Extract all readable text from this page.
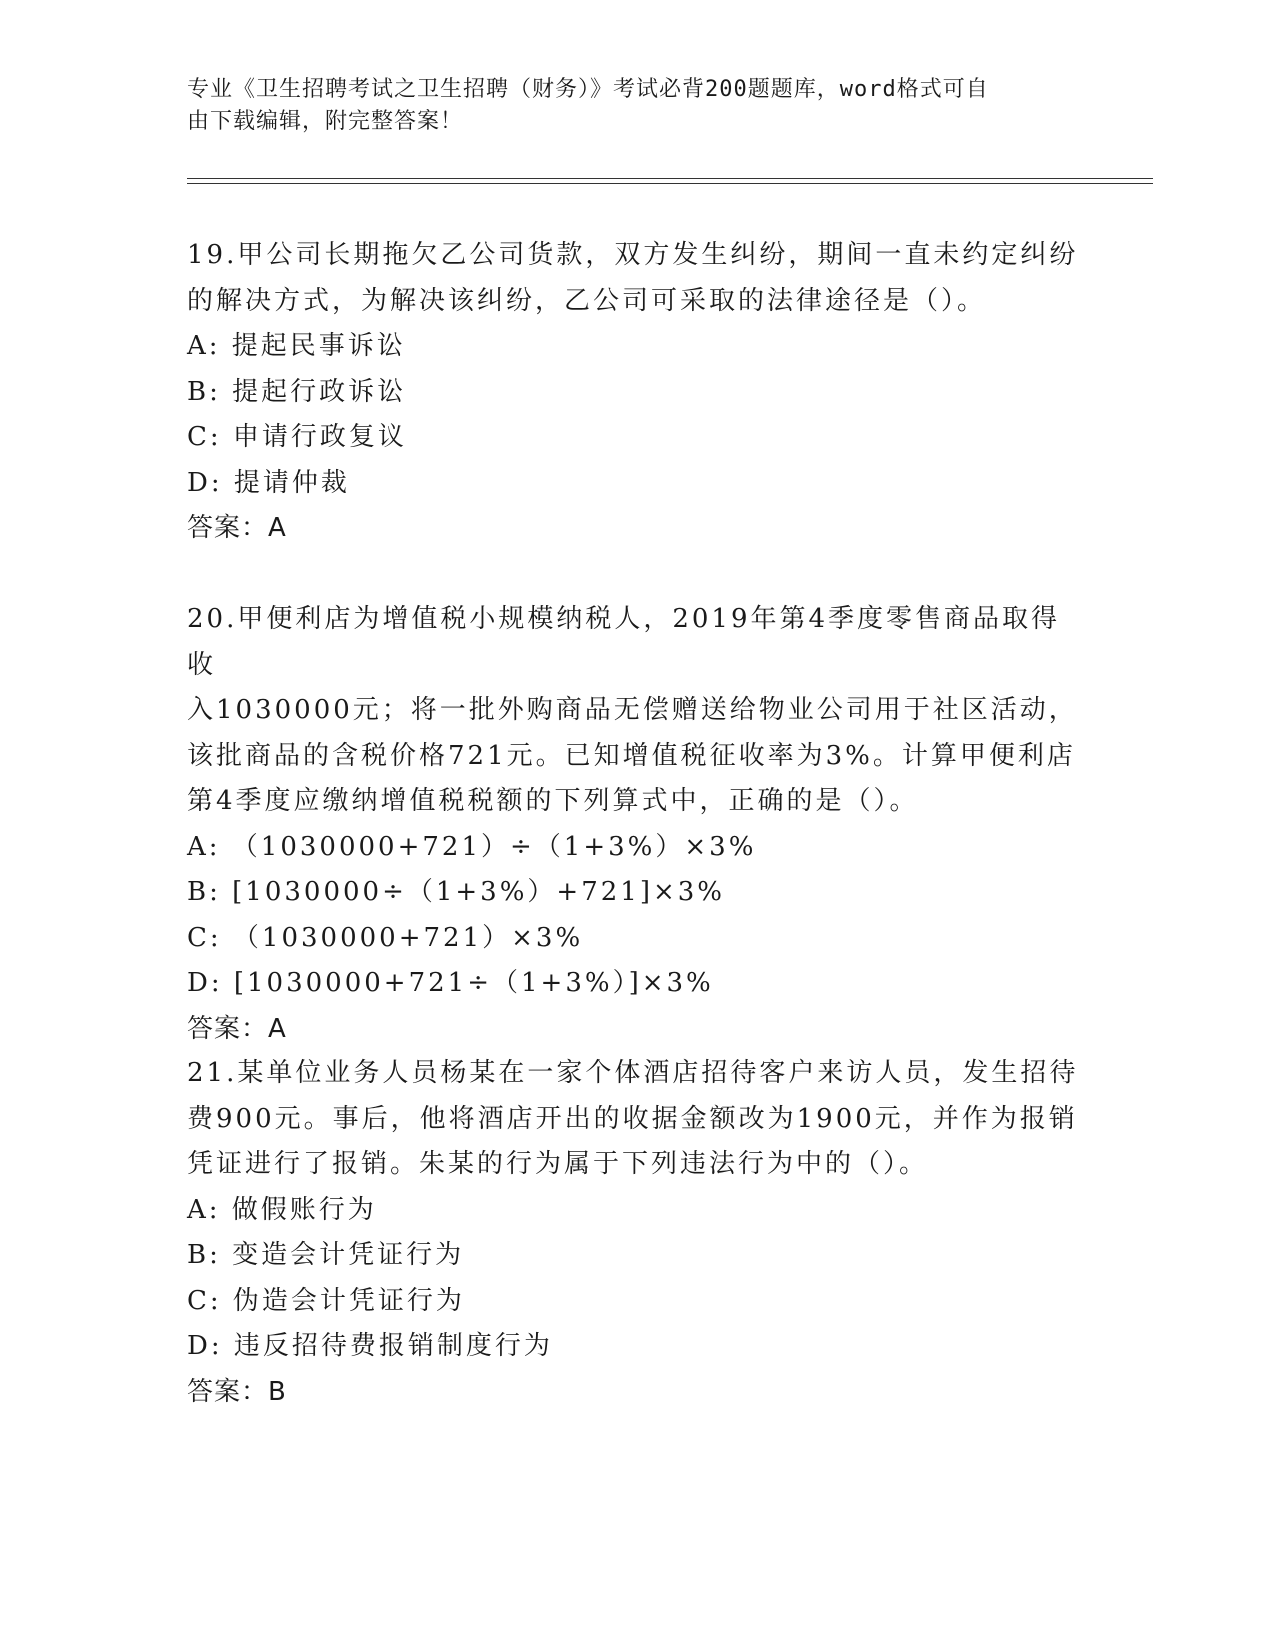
专业《卫生招聘考试之卫生招聘（财务）》考试必背200题题库，word格式可自
由下载编辑，附完整答案！

19.甲公司长期拖欠乙公司货款，双方发生纠纷，期间一直未约定纠纷

的解决方式，为解决该纠纷，乙公司可采取的法律途径是（）。

A: 提起民事诉讼

B: 提起行政诉讼

C: 申请行政复议

D: 提请仲裁

答案：A

20.甲便利店为增值税小规模纳税人，2019年第4季度零售商品取得收

入1030000元；将一批外购商品无偿赠送给物业公司用于社区活动，

该批商品的含税价格721元。已知增值税征收率为3%。计算甲便利店

第4季度应缴纳增值税税额的下列算式中，正确的是（）。

A: （1030000+721）÷（1+3%）×3%

B: [1030000÷（1+3%）+721]×3%

C: （1030000+721）×3%

D: [1030000+721÷（1+3%）]×3%

答案：A

21.某单位业务人员杨某在一家个体酒店招待客户来访人员，发生招待

费900元。事后，他将酒店开出的收据金额改为1900元，并作为报销

凭证进行了报销。朱某的行为属于下列违法行为中的（）。

A: 做假账行为

B: 变造会计凭证行为

C: 伪造会计凭证行为

D: 违反招待费报销制度行为

答案：B
